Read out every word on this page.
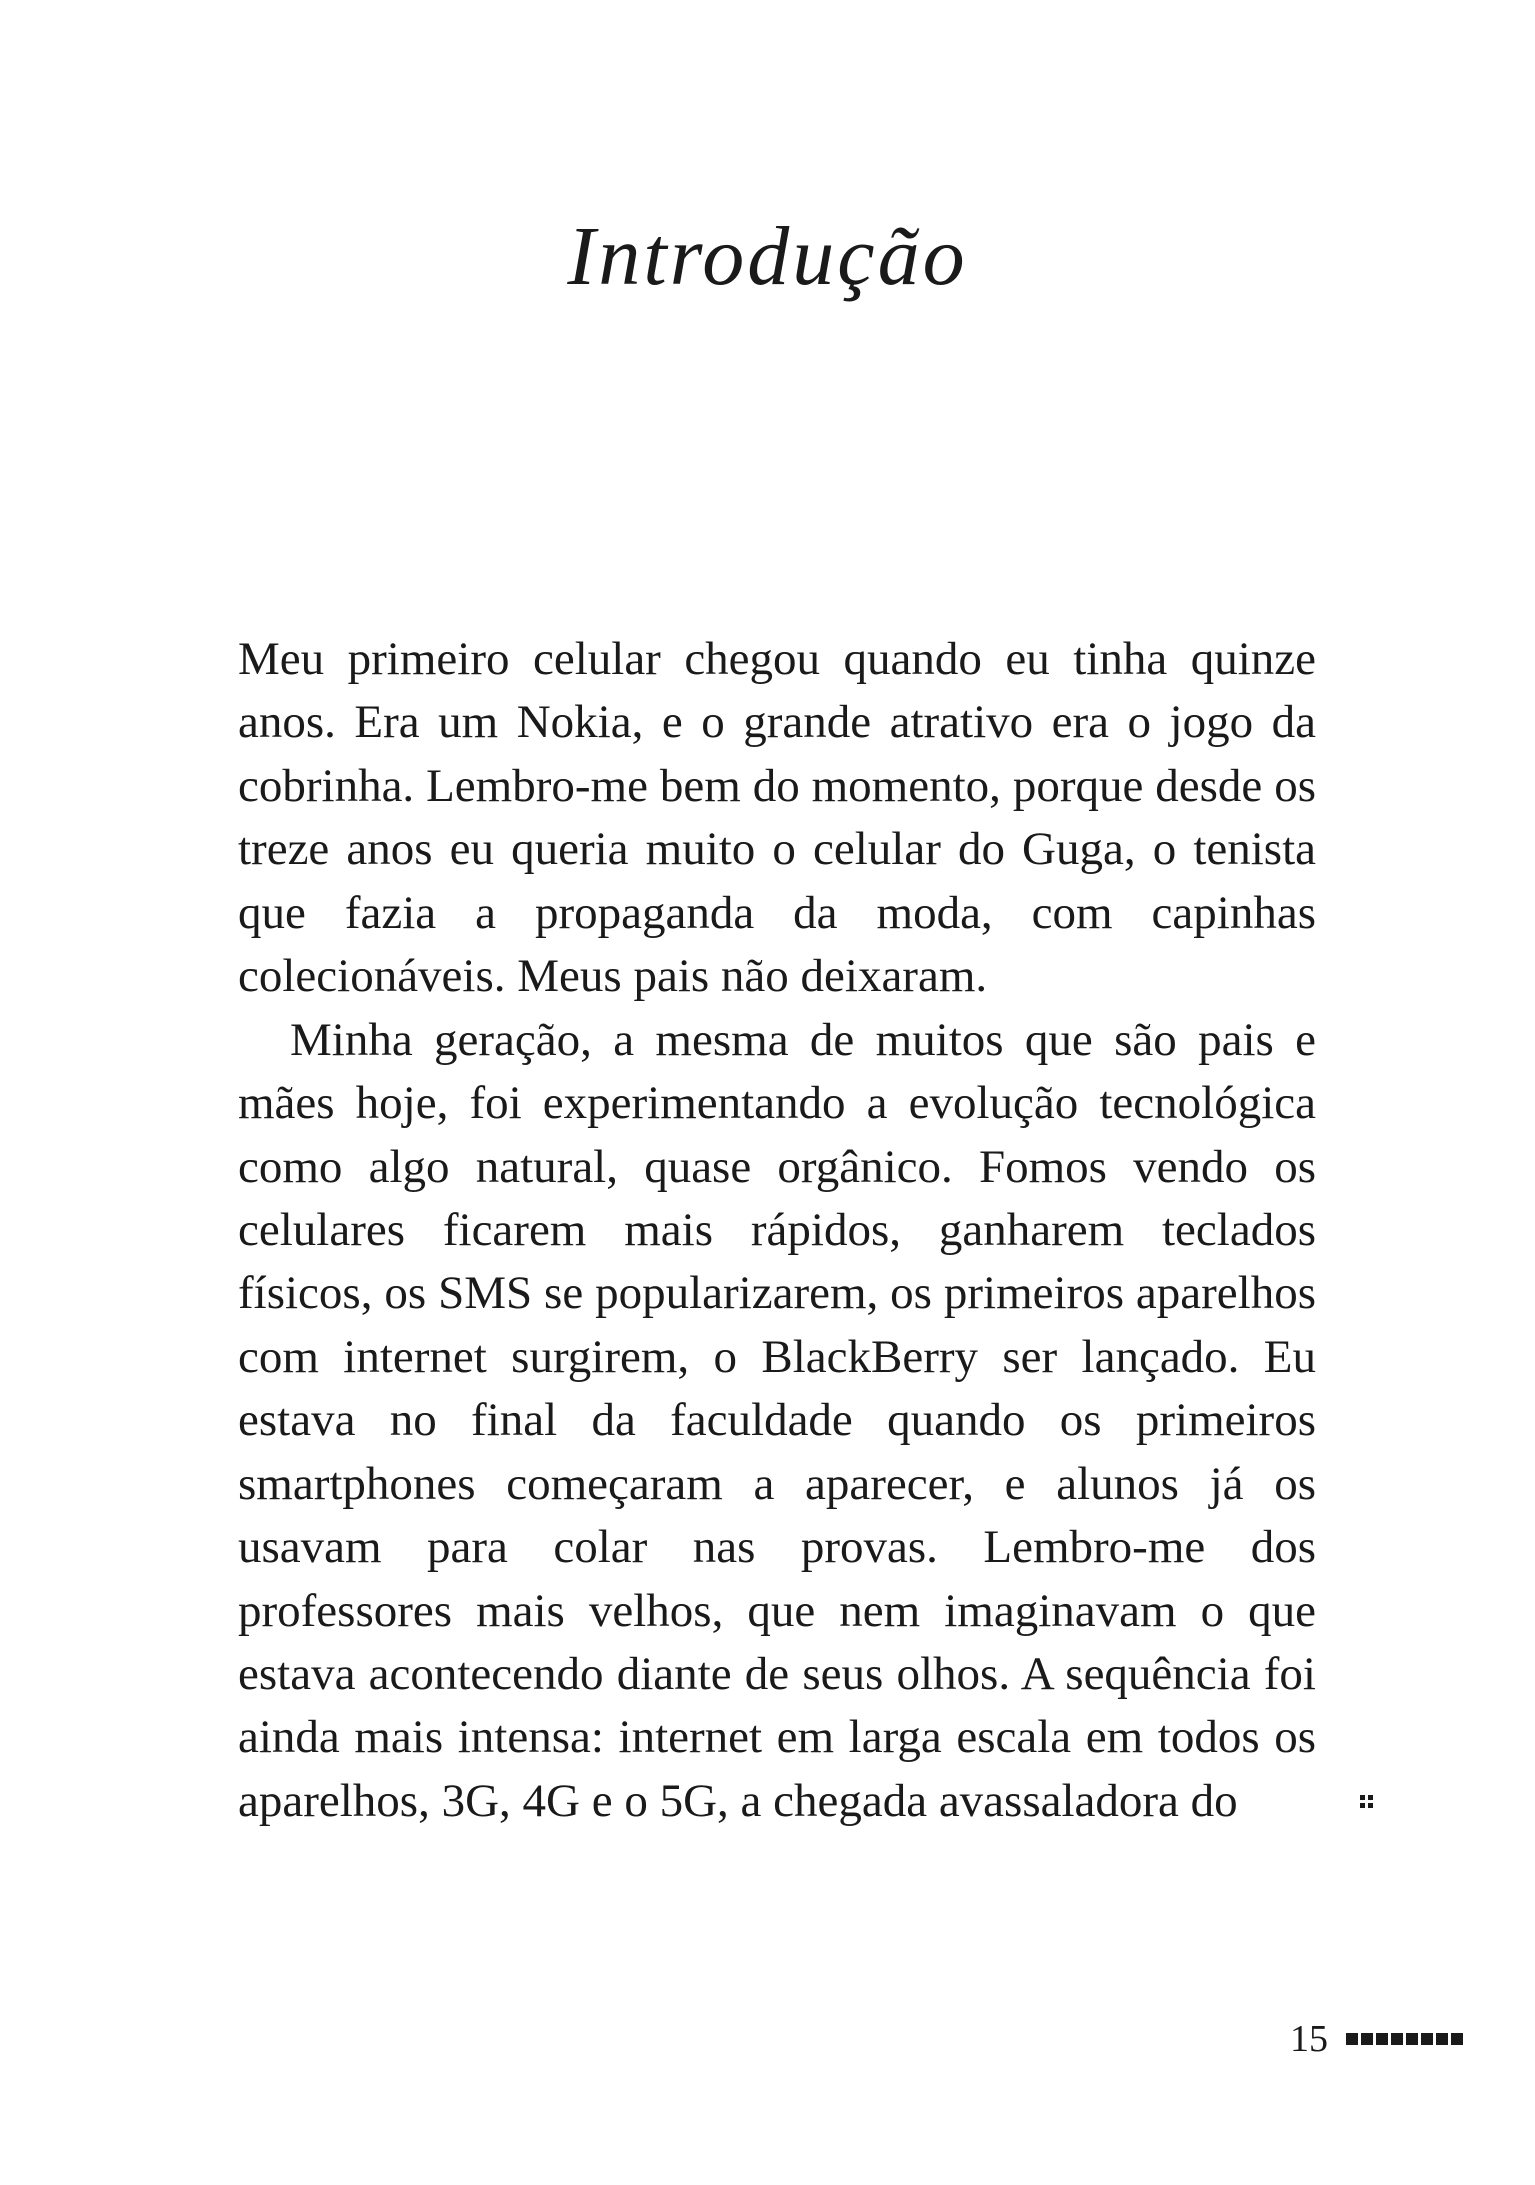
Introdução

Meu primeiro celular chegou quando eu tinha quinze anos. Era um Nokia, e o grande atrativo era o jogo da cobrinha. Lembro-me bem do momento, porque desde os treze anos eu queria muito o celular do Guga, o tenista que fazia a propaganda da moda, com capinhas colecionáveis. Meus pais não deixaram.

Minha geração, a mesma de muitos que são pais e mães hoje, foi experimentando a evolução tecnológica como algo natural, quase orgânico. Fomos vendo os celulares ficarem mais rápidos, ganharem teclados físicos, os SMS se popularizarem, os primeiros aparelhos com internet surgirem, o BlackBerry ser lançado. Eu estava no final da faculdade quando os primeiros smartphones começaram a aparecer, e alunos já os usavam para colar nas provas. Lembro-me dos professores mais velhos, que nem imaginavam o que estava acontecendo diante de seus olhos. A sequência foi ainda mais intensa: internet em larga escala em todos os aparelhos, 3G, 4G e o 5G, a chegada avassaladora do

15
